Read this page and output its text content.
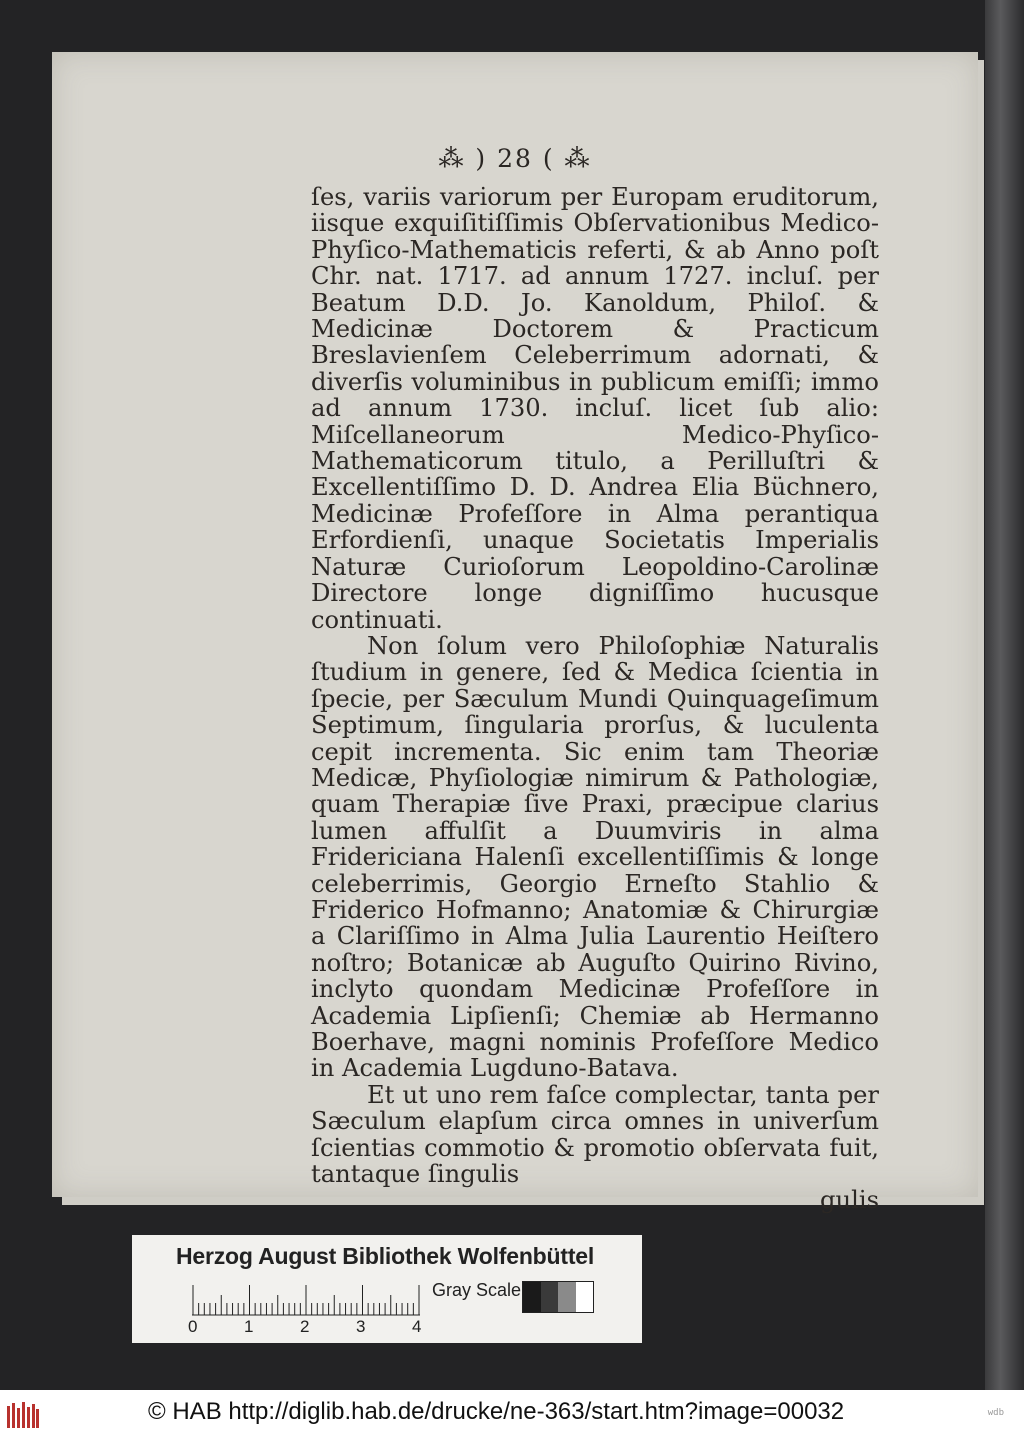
⁂ ) 28 ( ⁂

ſes, variis variorum per Europam eruditorum, iisque exquiſitiſſimis Obſervationibus Medico-Phyſico-Mathematicis referti, & ab Anno poſt Chr. nat. 1717. ad annum 1727. incluſ. per Beatum D.D. Jo. Kanoldum, Philoſ. & Medicinæ Doctorem & Practicum Breslavienſem Celeberrimum adornati, & diverſis voluminibus in publicum emiſſi; immo ad annum 1730. incluſ. licet ſub alio: Miſcellaneorum Medico-Phyſico-Mathematicorum titulo, a Perilluſtri & Excellentiſſimo D. D. Andrea Elia Büchnero, Medicinæ Profeſſore in Alma perantiqua Erfordienſi, unaque Societatis Imperialis Naturæ Curioſorum Leopoldino-Carolinæ Directore longe digniſſimo hucusque continuati.

Non ſolum vero Philoſophiæ Naturalis ſtudium in genere, ſed & Medica ſcientia in ſpecie, per Sæculum Mundi Quinquageſimum Septimum, ſingularia prorſus, & luculenta cepit incrementa. Sic enim tam Theoriæ Medicæ, Phyſiologiæ nimirum & Pathologiæ, quam Therapiæ ſive Praxi, præcipue clarius lumen affulſit a Duumviris in alma Fridericiana Halenſi excellentiſſimis & longe celeberrimis, Georgio Erneſto Stahlio & Friderico Hofmanno; Anatomiæ & Chirurgiæ a Clariſſimo in Alma Julia Laurentio Heiſtero noſtro; Botanicæ ab Auguſto Quirino Rivino, inclyto quondam Medicinæ Profeſſore in Academia Lipſienſi; Chemiæ ab Hermanno Boerhave, magni nominis Profeſſore Medico in Academia Lugduno-Batava.

Et ut uno rem faſce complectar, tanta per Sæculum elapſum circa omnes in univerſum ſcientias commotio & promotio obſervata fuit, tantaque ſingulis

gulis

Herzog August Bibliothek Wolfenbüttel
0	1	2	3	4
Gray Scale
© HAB http://diglib.hab.de/drucke/ne-363/start.htm?image=00032	wdb
